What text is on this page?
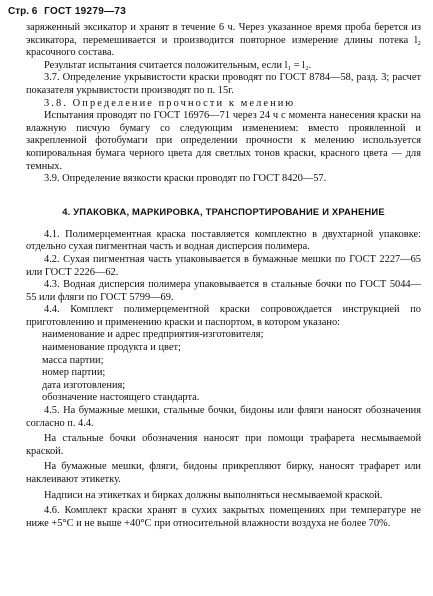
Стр. 6 ГОСТ 19279—73

заряженный эксикатор и хранят в течение 6 ч. Через указанное время проба берется из эксикатора, перемешивается и производится повторное измерение длины потека l₂ красочного состава.

Результат испытания считается положительным, если l₁ = l₂.

3.7. Определение укрывистости краски проводят по ГОСТ 8784—58, разд. 3; расчет показателя укрывистости производят по п. 15г.

3.8. Определение прочности к мелению

Испытания проводят по ГОСТ 16976—71 через 24 ч с момента нанесения краски на влажную писчую бумагу со следующим изменением: вместо проявленной и закрепленной фотобумаги при определении прочности к мелению используется копировальная бумага черного цвета для светлых тонов краски, красного цвета — для темных.

3.9. Определение вязкости краски проводят по ГОСТ 8420—57.

4. УПАКОВКА, МАРКИРОВКА, ТРАНСПОРТИРОВАНИЕ И ХРАНЕНИЕ

4.1. Полимерцементная краска поставляется комплектно в двухтарной упаковке: отдельно сухая пигментная часть и водная дисперсия полимера.

4.2. Сухая пигментная часть упаковывается в бумажные мешки по ГОСТ 2227—65 или ГОСТ 2226—62.

4.3. Водная дисперсия полимера упаковывается в стальные бочки по ГОСТ 5044—55 или фляги по ГОСТ 5799—69.

4.4. Комплект полимерцементной краски сопровождается инструкцией по приготовлению и применению краски и паспортом, в котором указано:

наименование и адрес предприятия-изготовителя;

наименование продукта и цвет;

масса партии;

номер партии;

дата изготовления;

обозначение настоящего стандарта.

4.5. На бумажные мешки, стальные бочки, бидоны или фляги наносят обозначения согласно п. 4.4.

На стальные бочки обозначения наносят при помощи трафарета несмываемой краской.

На бумажные мешки, фляги, бидоны прикрепляют бирку, наносят трафарет или наклеивают этикетку.

Надписи на этикетках и бирках должны выполняться несмываемой краской.

4.6. Комплект краски хранят в сухих закрытых помещениях при температуре не ниже +5°С и не выше +40°С при относительной влажности воздуха не более 70%.
